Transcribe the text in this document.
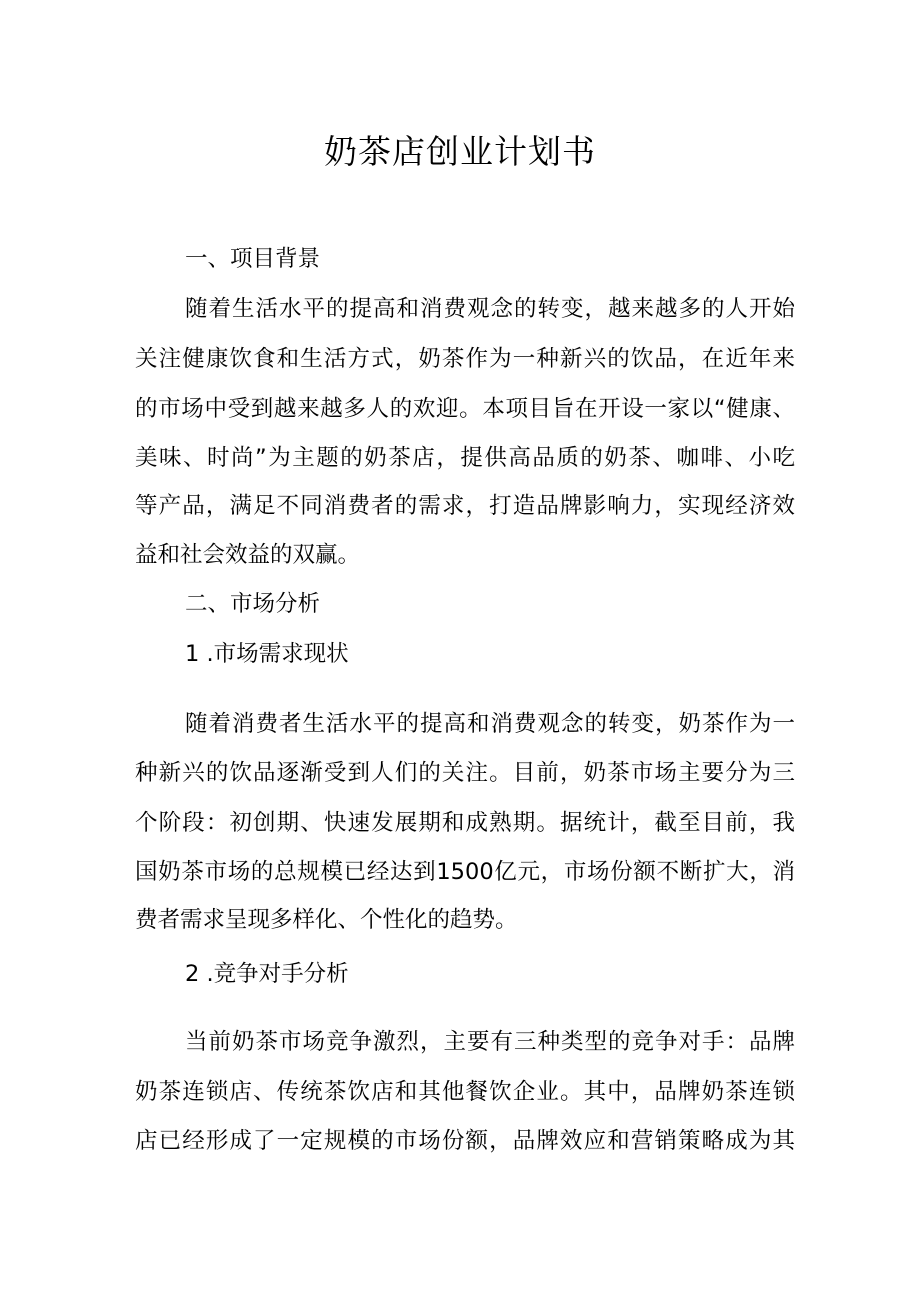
奶茶店创业计划书

一、项目背景

随着生活水平的提高和消费观念的转变，越来越多的人开始

关注健康饮食和生活方式，奶茶作为一种新兴的饮品，在近年来

的市场中受到越来越多人的欢迎。本项目旨在开设一家以“健康、

美味、时尚”为主题的奶茶店，提供高品质的奶茶、咖啡、小吃

等产品，满足不同消费者的需求，打造品牌影响力，实现经济效

益和社会效益的双赢。

二、市场分析

1 .市场需求现状

随着消费者生活水平的提高和消费观念的转变，奶茶作为一

种新兴的饮品逐渐受到人们的关注。目前，奶茶市场主要分为三

个阶段：初创期、快速发展期和成熟期。据统计，截至目前，我

国奶茶市场的总规模已经达到1500亿元，市场份额不断扩大，消

费者需求呈现多样化、个性化的趋势。

2 .竞争对手分析

当前奶茶市场竞争激烈，主要有三种类型的竞争对手：品牌

奶茶连锁店、传统茶饮店和其他餐饮企业。其中，品牌奶茶连锁

店已经形成了一定规模的市场份额，品牌效应和营销策略成为其
